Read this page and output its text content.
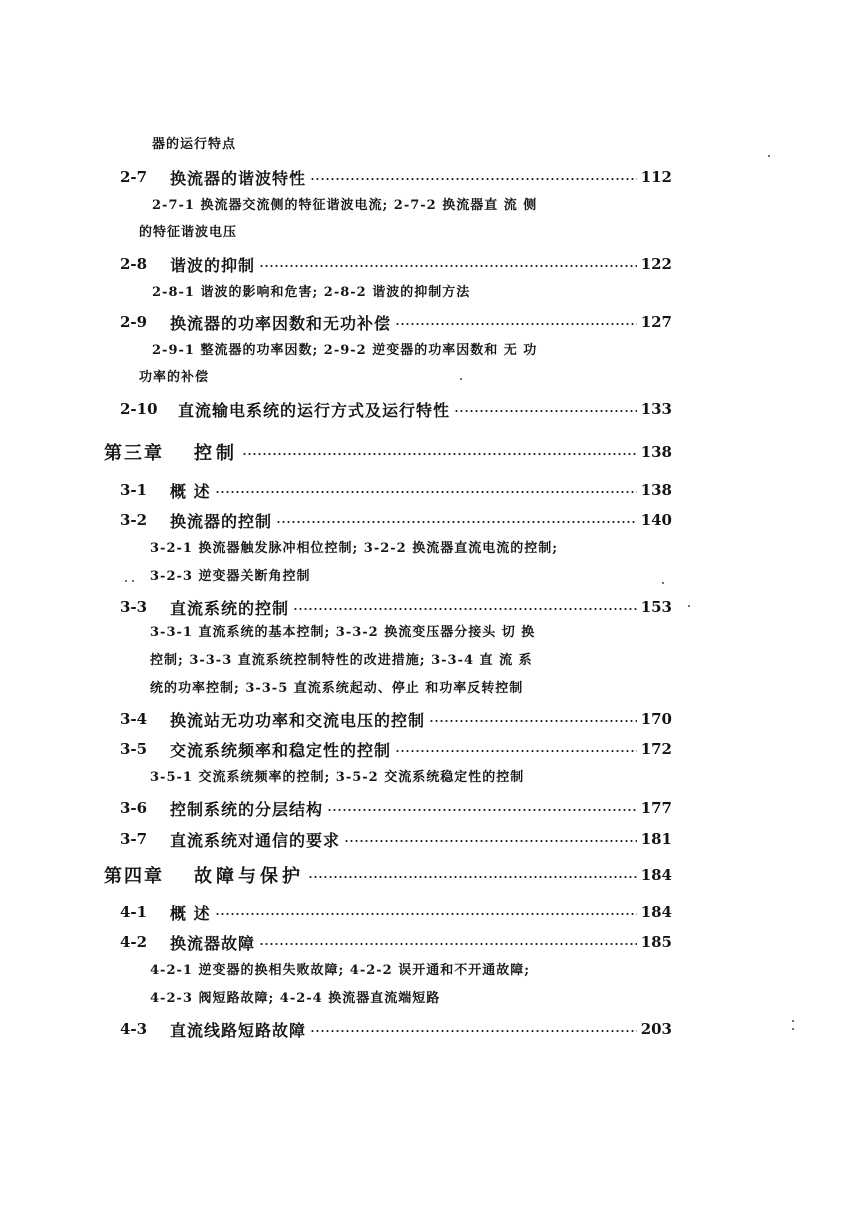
器的运行特点
2-7	换流器的谐波特性	112
2-7-1 换流器交流侧的特征谐波电流; 2-7-2 换流器直 流 侧
的特征谐波电压
2-8	谐波的抑制	122
2-8-1 谐波的影响和危害; 2-8-2 谐波的抑制方法
2-9	换流器的功率因数和无功补偿	127
2-9-1 整流器的功率因数; 2-9-2 逆变器的功率因数和 无 功
功率的补偿
2-10	直流输电系统的运行方式及运行特性	133
第三章	控制	138
3-1	概 述	138
3-2	换流器的控制	140
3-2-1 换流器触发脉冲相位控制; 3-2-2 换流器直流电流的控制;
3-2-3 逆变器关断角控制
3-3	直流系统的控制	153
3-3-1 直流系统的基本控制; 3-3-2 换流变压器分接头 切 换
控制; 3-3-3 直流系统控制特性的改进措施; 3-3-4 直 流 系
统的功率控制; 3-3-5 直流系统起动、停止 和功率反转控制
3-4	换流站无功功率和交流电压的控制	170
3-5	交流系统频率和稳定性的控制	172
3-5-1 交流系统频率的控制; 3-5-2 交流系统稳定性的控制
3-6	控制系统的分层结构	177
3-7	直流系统对通信的要求	181
第四章	故障与保护	184
4-1	概 述	184
4-2	换流器故障	185
4-2-1 逆变器的换相失败故障; 4-2-2 误开通和不开通故障;
4-2-3 阀短路故障; 4-2-4 换流器直流端短路
4-3	直流线路短路故障	203
